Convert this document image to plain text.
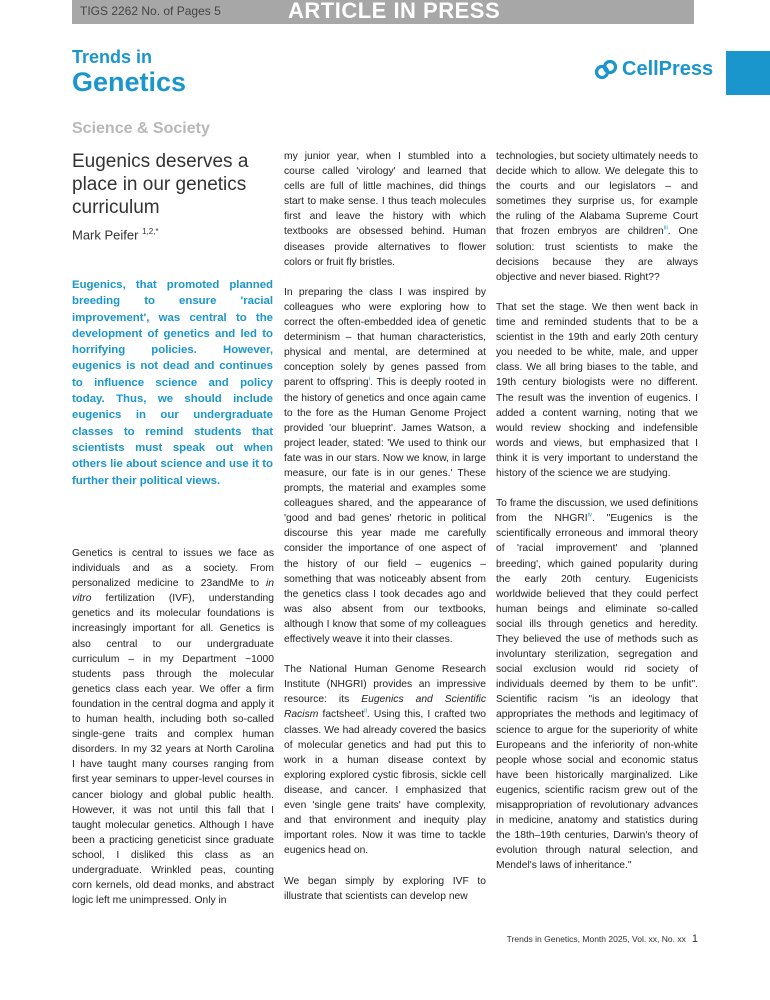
TIGS 2262 No. of Pages 5	ARTICLE IN PRESS
Trends in
Genetics	CellPress
Science & Society
Eugenics deserves a place in our genetics curriculum
Mark Peifer $^{1,2,*}$

Eugenics, that promoted planned breeding to ensure 'racial improvement', was central to the development of genetics and led to horrifying policies. However, eugenics is not dead and continues to influence science and policy today. Thus, we should include eugenics in our undergraduate classes to remind students that scientists must speak out when others lie about science and use it to further their political views.

Genetics is central to issues we face as individuals and as a society. From personalized medicine to 23andMe to in vitro fertilization (IVF), understanding genetics and its molecular foundations is increasingly important for all. Genetics is also central to our undergraduate curriculum – in my Department ~1000 students pass through the molecular genetics class each year. We offer a firm foundation in the central dogma and apply it to human health, including both so-called single-gene traits and complex human disorders. In my 32 years at North Carolina I have taught many courses ranging from first year seminars to upper-level courses in cancer biology and global public health. However, it was not until this fall that I taught molecular genetics. Although I have been a practicing geneticist since graduate school, I disliked this class as an undergraduate. Wrinkled peas, counting corn kernels, old dead monks, and abstract logic left me unimpressed. Only in

my junior year, when I stumbled into a course called 'virology' and learned that cells are full of little machines, did things start to make sense. I thus teach molecules first and leave the history with which textbooks are obsessed behind. Human diseases provide alternatives to flower colors or fruit fly bristles.

In preparing the class I was inspired by colleagues who were exploring how to correct the often-embedded idea of genetic determinism – that human characteristics, physical and mental, are determined at conception solely by genes passed from parent to offspring$^i$. This is deeply rooted in the history of genetics and once again came to the fore as the Human Genome Project provided 'our blueprint'. James Watson, a project leader, stated: 'We used to think our fate was in our stars. Now we know, in large measure, our fate is in our genes.' These prompts, the material and examples some colleagues shared, and the appearance of 'good and bad genes' rhetoric in political discourse this year made me carefully consider the importance of one aspect of the history of our field – eugenics – something that was noticeably absent from the genetics class I took decades ago and was also absent from our textbooks, although I know that some of my colleagues effectively weave it into their classes.

The National Human Genome Research Institute (NHGRI) provides an impressive resource: its Eugenics and Scientific Racism factsheet$^{ii}$. Using this, I crafted two classes. We had already covered the basics of molecular genetics and had put this to work in a human disease context by exploring explored cystic fibrosis, sickle cell disease, and cancer. I emphasized that even 'single gene traits' have complexity, and that environment and inequity play important roles. Now it was time to tackle eugenics head on.

We began simply by exploring IVF to illustrate that scientists can develop new

technologies, but society ultimately needs to decide which to allow. We delegate this to the courts and our legislators – and sometimes they surprise us, for example the ruling of the Alabama Supreme Court that frozen embryos are children$^{iii}$. One solution: trust scientists to make the decisions because they are always objective and never biased. Right??

That set the stage. We then went back in time and reminded students that to be a scientist in the 19th and early 20th century you needed to be white, male, and upper class. We all bring biases to the table, and 19th century biologists were no different. The result was the invention of eugenics. I added a content warning, noting that we would review shocking and indefensible words and views, but emphasized that I think it is very important to understand the history of the science we are studying.

To frame the discussion, we used definitions from the NHGRI$^{iv}$. "Eugenics is the scientifically erroneous and immoral theory of 'racial improvement' and 'planned breeding', which gained popularity during the early 20th century. Eugenicists worldwide believed that they could perfect human beings and eliminate so-called social ills through genetics and heredity. They believed the use of methods such as involuntary sterilization, segregation and social exclusion would rid society of individuals deemed by them to be unfit". Scientific racism "is an ideology that appropriates the methods and legitimacy of science to argue for the superiority of white Europeans and the inferiority of non-white people whose social and economic status have been historically marginalized. Like eugenics, scientific racism grew out of the misappropriation of revolutionary advances in medicine, anatomy and statistics during the 18th–19th centuries, Darwin's theory of evolution through natural selection, and Mendel's laws of inheritance."

Trends in Genetics, Month 2025, Vol. xx, No. xx 1
